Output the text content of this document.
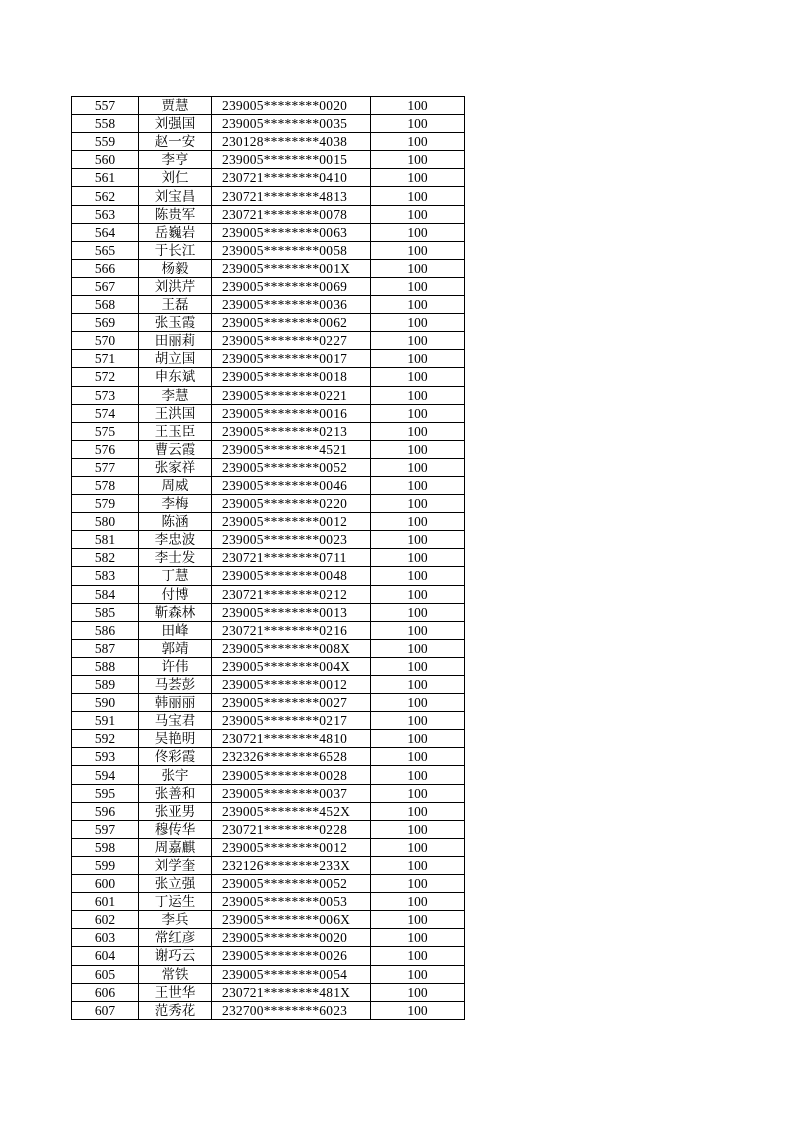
557	贾慧	239005********0020	100
558	刘强国	239005********0035	100
559	赵一安	230128********4038	100
560	李亨	239005********0015	100
561	刘仁	230721********0410	100
562	刘宝昌	230721********4813	100
563	陈贵军	230721********0078	100
564	岳巍岩	239005********0063	100
565	于长江	239005********0058	100
566	杨毅	239005********001X	100
567	刘洪芹	239005********0069	100
568	王磊	239005********0036	100
569	张玉霞	239005********0062	100
570	田丽莉	239005********0227	100
571	胡立国	239005********0017	100
572	申东斌	239005********0018	100
573	李慧	239005********0221	100
574	王洪国	239005********0016	100
575	王玉臣	239005********0213	100
576	曹云霞	239005********4521	100
577	张家祥	239005********0052	100
578	周威	239005********0046	100
579	李梅	239005********0220	100
580	陈涵	239005********0012	100
581	李忠波	239005********0023	100
582	李士发	230721********0711	100
583	丁慧	239005********0048	100
584	付博	230721********0212	100
585	靳森林	239005********0013	100
586	田峰	230721********0216	100
587	郭靖	239005********008X	100
588	许伟	239005********004X	100
589	马荟彭	239005********0012	100
590	韩丽丽	239005********0027	100
591	马宝君	239005********0217	100
592	吴艳明	230721********4810	100
593	佟彩霞	232326********6528	100
594	张宇	239005********0028	100
595	张善和	239005********0037	100
596	张亚男	239005********452X	100
597	穆传华	230721********0228	100
598	周嘉麒	239005********0012	100
599	刘学奎	232126********233X	100
600	张立强	239005********0052	100
601	丁运生	239005********0053	100
602	李兵	239005********006X	100
603	常红彦	239005********0020	100
604	谢巧云	239005********0026	100
605	常铁	239005********0054	100
606	王世华	230721********481X	100
607	范秀花	232700********6023	100
